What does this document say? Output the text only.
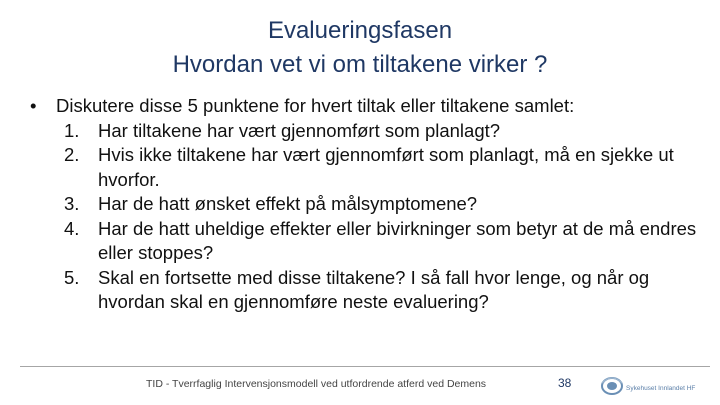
Evalueringsfasen
Hvordan vet vi om tiltakene virker ?
•	Diskutere disse 5 punktene for hvert tiltak eller tiltakene samlet:
1.	Har tiltakene har vært gjennomført som planlagt?
2.	Hvis ikke tiltakene har vært gjennomført som planlagt, må en sjekke ut hvorfor.
3.	Har de hatt ønsket effekt på målsymptomene?
4.	Har de hatt uheldige effekter eller bivirkninger som betyr at de må endres eller stoppes?
5.	Skal en fortsette med disse tiltakene? I så fall hvor lenge, og når og hvordan skal en gjennomføre neste evaluering?
TID - Tverrfaglig Intervensjonsmodell ved utfordrende atferd ved Demens	38	Sykehuset Innlandet HF
